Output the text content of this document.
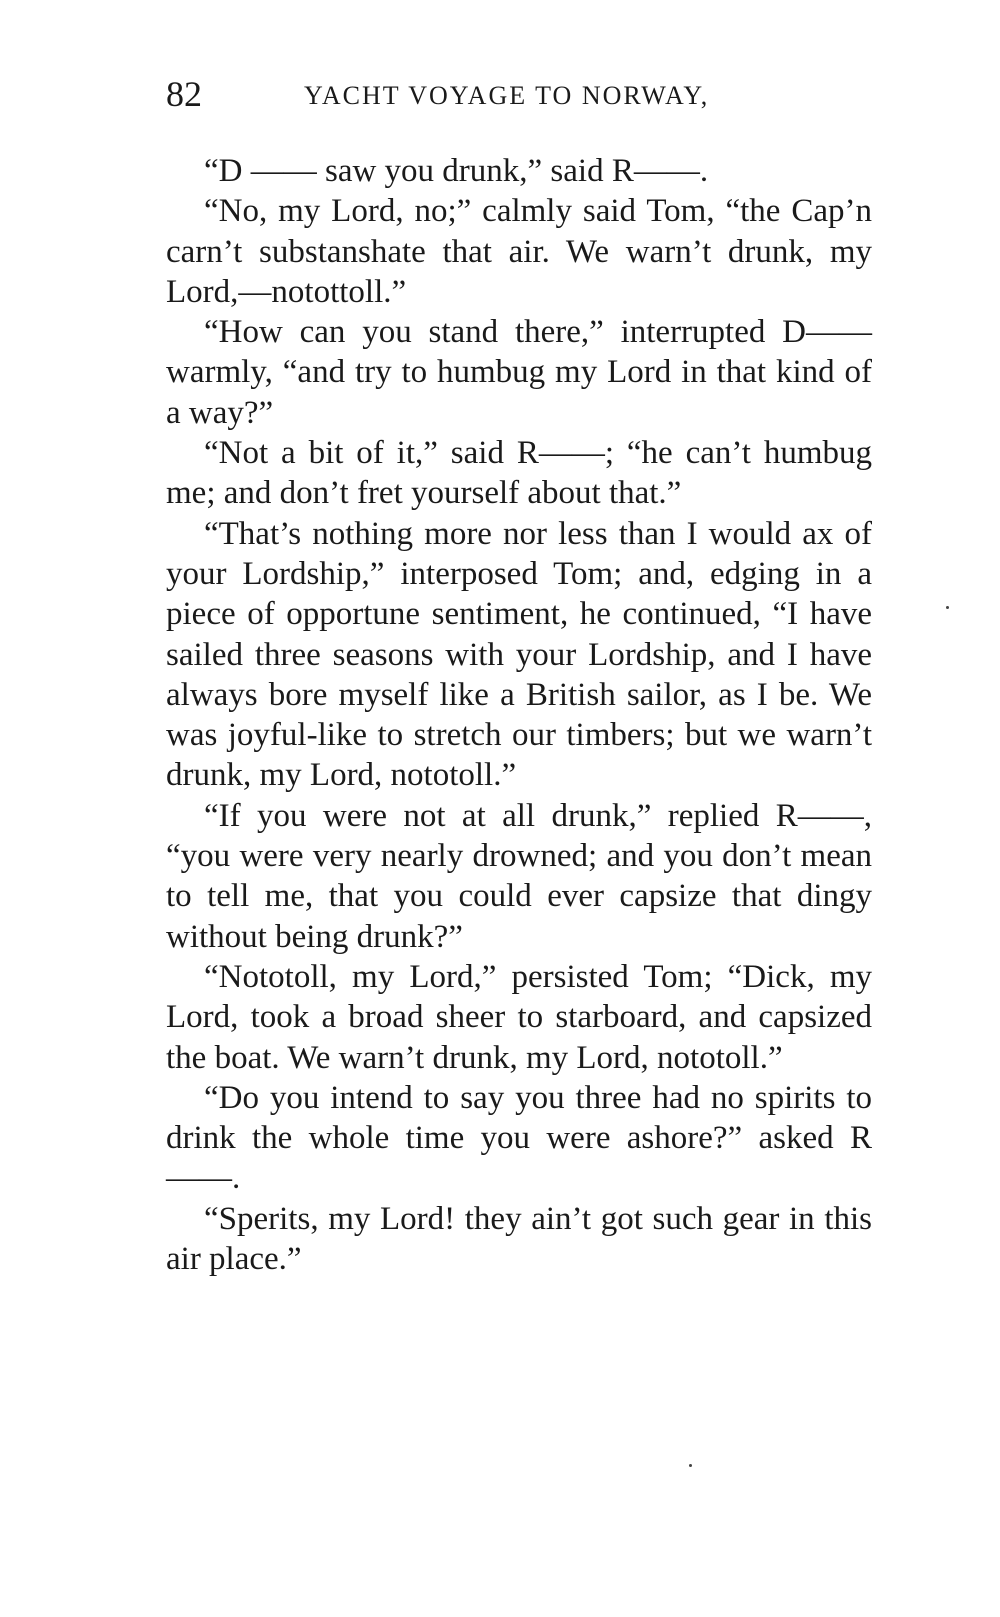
82	YACHT VOYAGE TO NORWAY,

“D —— saw you drunk,” said R——.

“No, my Lord, no;” calmly said Tom, “the Cap’n carn’t substanshate that air. We warn’t drunk, my Lord,—notottoll.”

“How can you stand there,” interrupted D—— warmly, “and try to humbug my Lord in that kind of a way?”

“Not a bit of it,” said R——; “he can’t humbug me; and don’t fret yourself about that.”

“That’s nothing more nor less than I would ax of your Lordship,” interposed Tom; and, edging in a piece of opportune sentiment, he continued, “I have sailed three seasons with your Lordship, and I have always bore myself like a British sailor, as I be. We was joyful-like to stretch our timbers; but we warn’t drunk, my Lord, nototoll.”

“If you were not at all drunk,” replied R——, “you were very nearly drowned; and you don’t mean to tell me, that you could ever capsize that dingy without being drunk?”

“Nototoll, my Lord,” persisted Tom; “Dick, my Lord, took a broad sheer to starboard, and capsized the boat. We warn’t drunk, my Lord, nototoll.”

“Do you intend to say you three had no spirits to drink the whole time you were ashore?” asked R——.

“Sperits, my Lord! they ain’t got such gear in this air place.”
